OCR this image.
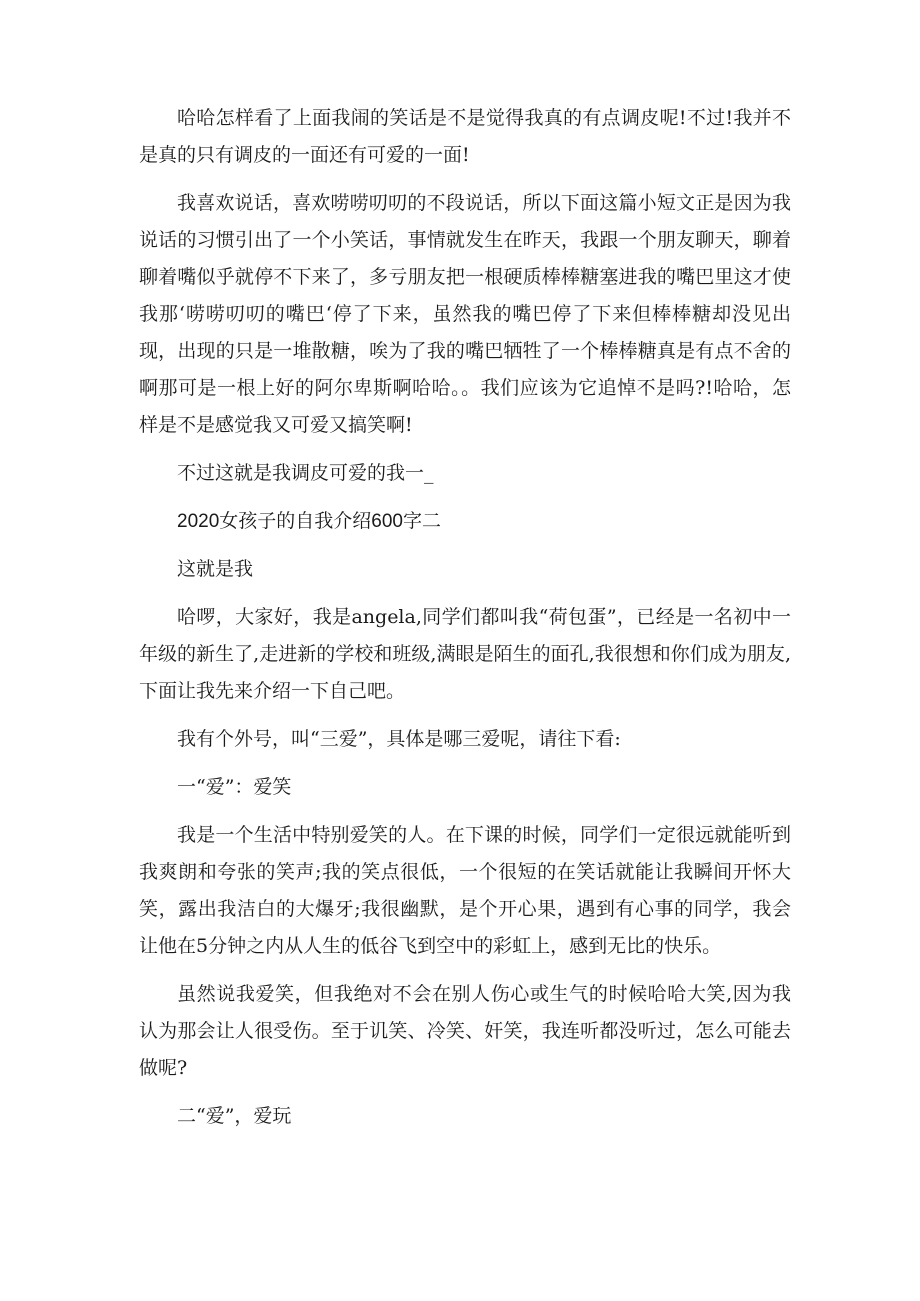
哈哈怎样看了上面我闹的笑话是不是觉得我真的有点调皮呢!不过!我并不是真的只有调皮的一面还有可爱的一面!

我喜欢说话，喜欢唠唠叨叨的不段说话，所以下面这篇小短文正是因为我说话的习惯引出了一个小笑话，事情就发生在昨天，我跟一个朋友聊天，聊着聊着嘴似乎就停不下来了，多亏朋友把一根硬质棒棒糖塞进我的嘴巴里这才使我那‘唠唠叨叨的嘴巴‘停了下来，虽然我的嘴巴停了下来但棒棒糖却没见出现，出现的只是一堆散糖，唉为了我的嘴巴牺牲了一个棒棒糖真是有点不舍的啊那可是一根上好的阿尔卑斯啊哈哈。。我们应该为它追悼不是吗?!哈哈，怎样是不是感觉我又可爱又搞笑啊!

不过这就是我调皮可爱的我一_

2020女孩子的自我介绍600字二

这就是我

哈啰，大家好，我是angela,同学们都叫我“荷包蛋”，已经是一名初中一年级的新生了,走进新的学校和班级,满眼是陌生的面孔,我很想和你们成为朋友,下面让我先来介绍一下自己吧。

我有个外号，叫“三爱”，具体是哪三爱呢，请往下看:

一“爱”：爱笑

我是一个生活中特别爱笑的人。在下课的时候，同学们一定很远就能听到我爽朗和夸张的笑声;我的笑点很低，一个很短的在笑话就能让我瞬间开怀大笑，露出我洁白的大爆牙;我很幽默，是个开心果，遇到有心事的同学，我会让他在5分钟之内从人生的低谷飞到空中的彩虹上，感到无比的快乐。

虽然说我爱笑，但我绝对不会在别人伤心或生气的时候哈哈大笑,因为我认为那会让人很受伤。至于讥笑、冷笑、奸笑，我连听都没听过，怎么可能去做呢?

二“爱”，爱玩
